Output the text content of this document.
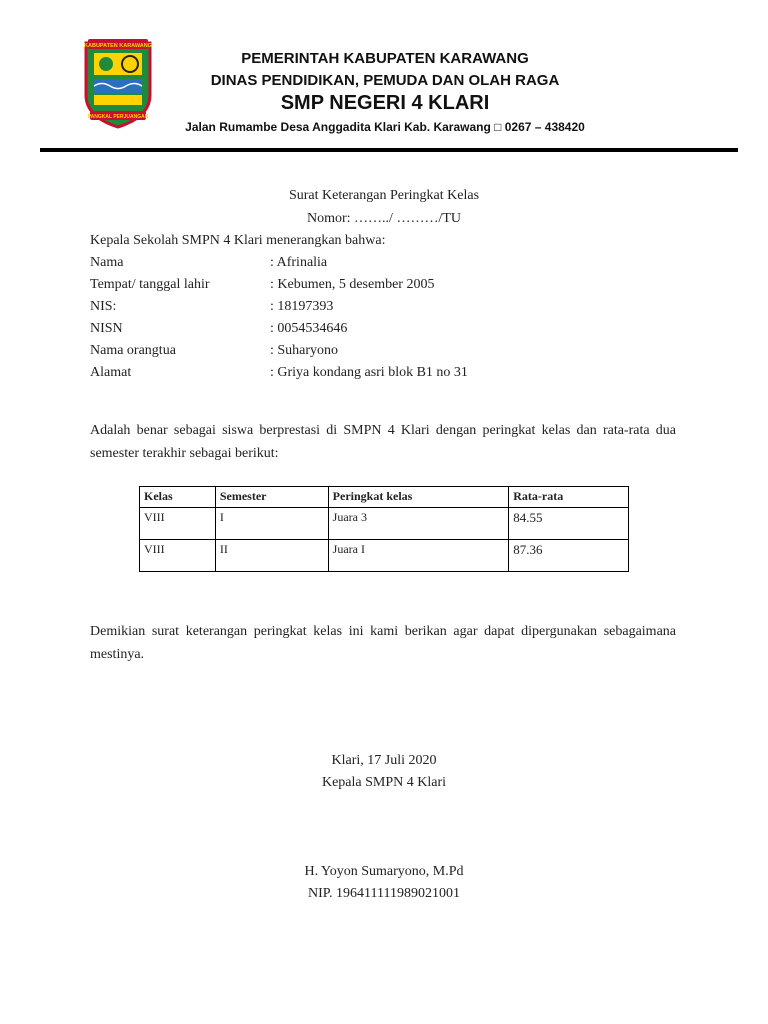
KABUPATEN KARAWANG
PANGKAL PERJUANGAN
PEMERINTAH KABUPATEN KARAWANG
DINAS PENDIDIKAN, PEMUDA DAN OLAH RAGA
SMP NEGERI 4 KLARI
Jalan Rumambe Desa Anggadita Klari Kab. Karawang □ 0267 – 438420
Surat Keterangan Peringkat Kelas
Nomor: ……../ ………/TU
Kepala Sekolah SMPN 4 Klari menerangkan bahwa:
Nama	: Afrinalia
Tempat/ tanggal lahir	: Kebumen, 5 desember 2005
NIS:	: 18197393
NISN	: 0054534646
Nama orangtua	: Suharyono
Alamat	: Griya kondang asri blok B1 no 31
Adalah benar sebagai siswa berprestasi di SMPN 4 Klari dengan peringkat kelas dan rata-rata dua semester terakhir sebagai berikut:
Kelas	Semester	Peringkat kelas	Rata-rata
VIII	I	Juara 3	84.55
VIII	II	Juara I	87.36
Demikian surat keterangan peringkat kelas ini kami berikan agar dapat dipergunakan sebagaimana mestinya.
Klari, 17 Juli 2020
Kepala SMPN 4 Klari
H. Yoyon Sumaryono, M.Pd
NIP. 196411111989021001
